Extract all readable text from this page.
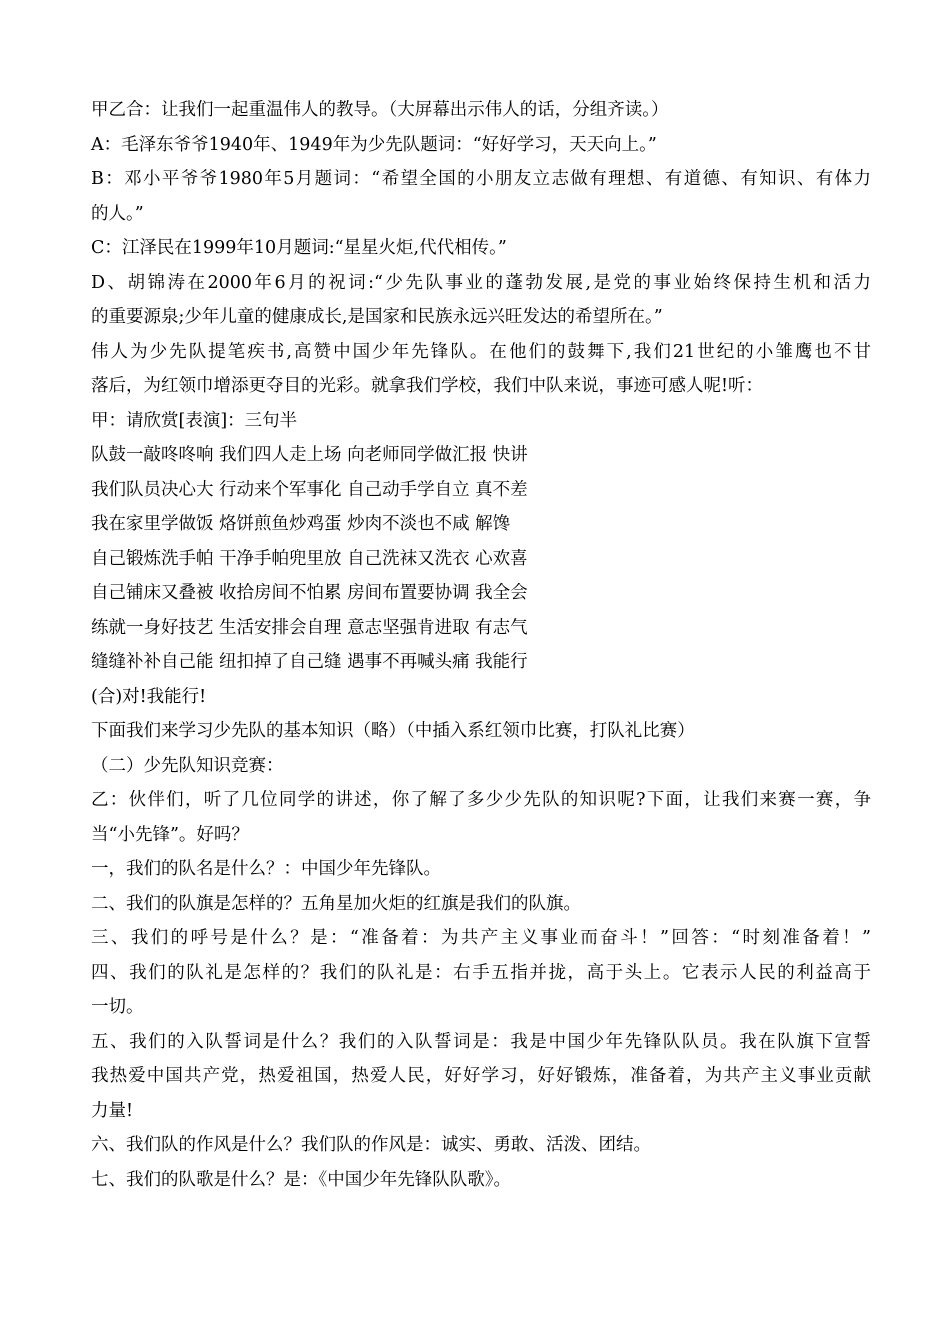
甲乙合：让我们一起重温伟人的教导。（大屏幕出示伟人的话，分组齐读。）
A：毛泽东爷爷1940年、1949年为少先队题词：“好好学习，天天向上。”
B：邓小平爷爷1980年5月题词：“希望全国的小朋友立志做有理想、有道德、有知识、有体力
的人。”
C：江泽民在1999年10月题词:“星星火炬,代代相传。”
D、胡锦涛在2000年6月的祝词:“少先队事业的蓬勃发展,是党的事业始终保持生机和活力
的重要源泉;少年儿童的健康成长,是国家和民族永远兴旺发达的希望所在。”
伟人为少先队提笔疾书,高赞中国少年先锋队。在他们的鼓舞下,我们21世纪的小雏鹰也不甘
落后，为红领巾增添更夺目的光彩。就拿我们学校，我们中队来说，事迹可感人呢!听：
甲：请欣赏[表演]：三句半
队鼓一敲咚咚响 我们四人走上场 向老师同学做汇报 快讲
我们队员决心大 行动来个军事化 自己动手学自立 真不差
我在家里学做饭 烙饼煎鱼炒鸡蛋 炒肉不淡也不咸 解馋
自己锻炼洗手帕 干净手帕兜里放 自己洗袜又洗衣 心欢喜
自己铺床又叠被 收拾房间不怕累 房间布置要协调 我全会
练就一身好技艺 生活安排会自理 意志坚强肯进取 有志气
缝缝补补自己能 纽扣掉了自己缝 遇事不再喊头痛 我能行
(合)对!我能行!
下面我们来学习少先队的基本知识（略）（中插入系红领巾比赛，打队礼比赛）
（二）少先队知识竞赛：
乙：伙伴们，听了几位同学的讲述，你了解了多少少先队的知识呢?下面，让我们来赛一赛，争
当“小先锋”。好吗？
一，我们的队名是什么？：中国少年先锋队。
二、我们的队旗是怎样的？五角星加火炬的红旗是我们的队旗。
三、我们的呼号是什么？是：“准备着：为共产主义事业而奋斗！”回答：“时刻准备着！”
四、我们的队礼是怎样的？我们的队礼是：右手五指并拢，高于头上。它表示人民的利益高于
一切。
五、我们的入队誓词是什么？我们的入队誓词是：我是中国少年先锋队队员。我在队旗下宣誓
我热爱中国共产党，热爱祖国，热爱人民，好好学习，好好锻炼，准备着，为共产主义事业贡献
力量!
六、我们队的作风是什么？我们队的作风是：诚实、勇敢、活泼、团结。
七、我们的队歌是什么？是：《中国少年先锋队队歌》。
